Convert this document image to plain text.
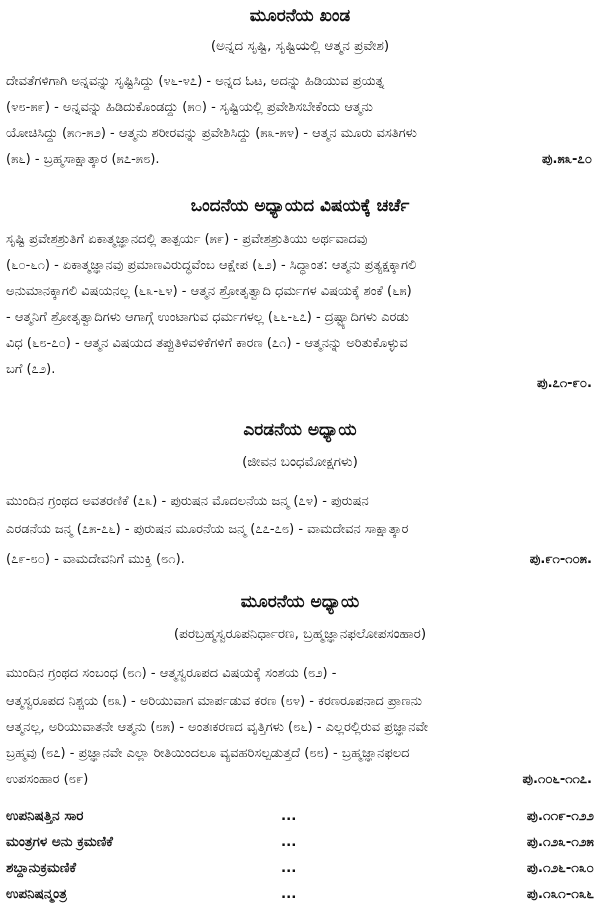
ಮೂರನೆಯ ಖಂಡ
(ಅನ್ನದ ಸೃಷ್ಟಿ, ಸೃಷ್ಟಿಯಲ್ಲಿ ಆತ್ಮನ ಪ್ರವೇಶ)
ದೇವತೆಗಳಿಗಾಗಿ ಅನ್ನವನ್ನು ಸೃಷ್ಟಿಸಿದ್ದು (೪೬-೪೭) - ಅನ್ನದ ಓಟ, ಅದನ್ನು ಹಿಡಿಯುವ ಪ್ರಯತ್ನ
(೪೮-೫೯) - ಅನ್ನವನ್ನು ಹಿಡಿದುಕೊಂಡದ್ದು (೫೦) - ಸೃಷ್ಟಿಯಲ್ಲಿ ಪ್ರವೇಶಿಸಬೇಕೆಂದು ಆತ್ಮನು
ಯೋಚಿಸಿದ್ದು (೫೧-೫೨) - ಆತ್ಮನು ಶರೀರವನ್ನು ಪ್ರವೇಶಿಸಿದ್ದು (೫೩-೫೪) - ಆತ್ಮನ ಮೂರು ವಸತಿಗಳು
(೫೬) - ಬ್ರಹ್ಮಸಾಕ್ಷಾತ್ಕಾರ (೫೭-೫೮).	ಪು.೫೩-೭೦
ಒಂದನೆಯ ಅಧ್ಯಾಯದ ವಿಷಯಕ್ಕೆ ಚರ್ಚೆ
ಸೃಷ್ಟಿ ಪ್ರವೇಶಶ್ರುತಿಗೆ ಏಕಾತ್ಮಜ್ಞಾನದಲ್ಲಿ ತಾತ್ಪರ್ಯ (೫೯) - ಪ್ರವೇಶಶ್ರುತಿಯು ಅರ್ಥವಾದವು
(೬೦-೬೧) - ಏಕಾತ್ಮಜ್ಞಾನವು ಪ್ರಮಾಣವಿರುದ್ಧವೆಂಬ ಆಕ್ಷೇಪ (೬೨) - ಸಿದ್ಧಾಂತ: ಆತ್ಮನು ಪ್ರತ್ಯಕ್ಷಕ್ಕಾಗಲಿ
ಅನುಮಾನಕ್ಕಾಗಲಿ ವಿಷಯನಲ್ಲ (೬೩-೬೪) - ಆತ್ಮನ ಶ್ರೋತೃತ್ವಾದಿ ಧರ್ಮಗಳ ವಿಷಯಕ್ಕೆ ಶಂಕೆ (೬೫)
- ಆತ್ಮನಿಗೆ ಶ್ರೋತೃತ್ವಾದಿಗಳು ಆಗಾಗ್ಗೆ ಉಂಟಾಗುವ ಧರ್ಮಗಳಲ್ಲ (೬೬-೬೭) - ದ್ರಷ್ಟ್ಯಾದಿಗಳು ಎರಡು
ವಿಧ (೬೮-೭೦) - ಆತ್ಮನ ವಿಷಯದ ತಪ್ಪುತಿಳಿವಳಿಕೆಗಳಿಗೆ ಕಾರಣ (೭೧) - ಆತ್ಮನನ್ನು ಅರಿತುಕೊಳ್ಳುವ
ಬಗೆ (೭೨).
ಪು.೭೧-೯೦.
ಎರಡನೆಯ ಅಧ್ಯಾಯ
(ಜೀವನ ಬಂಧಮೋಕ್ಷಗಳು)
ಮುಂದಿನ ಗ್ರಂಥದ ಅವತರಣಿಕೆ (೭೩) - ಪುರುಷನ ಮೊದಲನೆಯ ಜನ್ಮ (೭೪) - ಪುರುಷನ
ಎರಡನೆಯ ಜನ್ಮ (೭೫-೭೬) - ಪುರುಷನ ಮೂರನೆಯ ಜನ್ಮ (೭೭-೭೮) - ವಾಮದೇವನ ಸಾಕ್ಷಾತ್ಕಾರ
(೭೯-೮೦) - ವಾಮದೇವನಿಗೆ ಮುಕ್ತಿ (೮೧).	ಪು.೯೧-೧೦೫.
ಮೂರನೆಯ ಅಧ್ಯಾಯ
(ಪರಬ್ರಹ್ಮಸ್ವರೂಪನಿರ್ಧಾರಣ, ಬ್ರಹ್ಮಜ್ಞಾನಫಲೋಪಸಂಹಾರ)
ಮುಂದಿನ ಗ್ರಂಥದ ಸಂಬಂಧ (೮೧) - ಆತ್ಮಸ್ವರೂಪದ ವಿಷಯಕ್ಕೆ ಸಂಶಯ (೮೨) -
ಆತ್ಮಸ್ವರೂಪದ ನಿಶ್ಚಯ (೮೩) - ಅರಿಯುವಾಗ ಮಾರ್ಪಡುವ ಕರಣ (೮೪) - ಕರಣರೂಪನಾದ ಪ್ರಾಣನು
ಆತ್ಮನಲ್ಲ, ಅರಿಯುವಾತನೇ ಆತ್ಮನು (೮೫) - ಅಂತಃಕರಣದ ವೃತ್ತಿಗಳು (೮೬) - ಎಲ್ಲರಲ್ಲಿರುವ ಪ್ರಜ್ಞಾನವೇ
ಬ್ರಹ್ಮವು (೮೭) - ಪ್ರಜ್ಞಾನವೇ ಎಲ್ಲಾ ರೀತಿಯಿಂದಲೂ ವ್ಯವಹರಿಸಲ್ಪಡುತ್ತದೆ (೮೮) - ಬ್ರಹ್ಮಜ್ಞಾನಫಲದ
ಉಪಸಂಹಾರ (೮೯)	ಪು.೧೦೬-೧೧೭.
ಉಪನಿಷತ್ತಿನ ಸಾರ	...	ಪು.೧೧೯-೧೨೨
ಮಂತ್ರಗಳ ಅನು ಕ್ರಮಣಿಕೆ	...	ಪು.೧೨೩-೧೨೫
ಶಬ್ದಾನುಕ್ರಮಣಿಕೆ	...	ಪು.೧೨೬-೧೩೦
ಉಪನಿಷನ್ಮಂತ್ರ	...	ಪು.೧೩೧-೧೩೬
